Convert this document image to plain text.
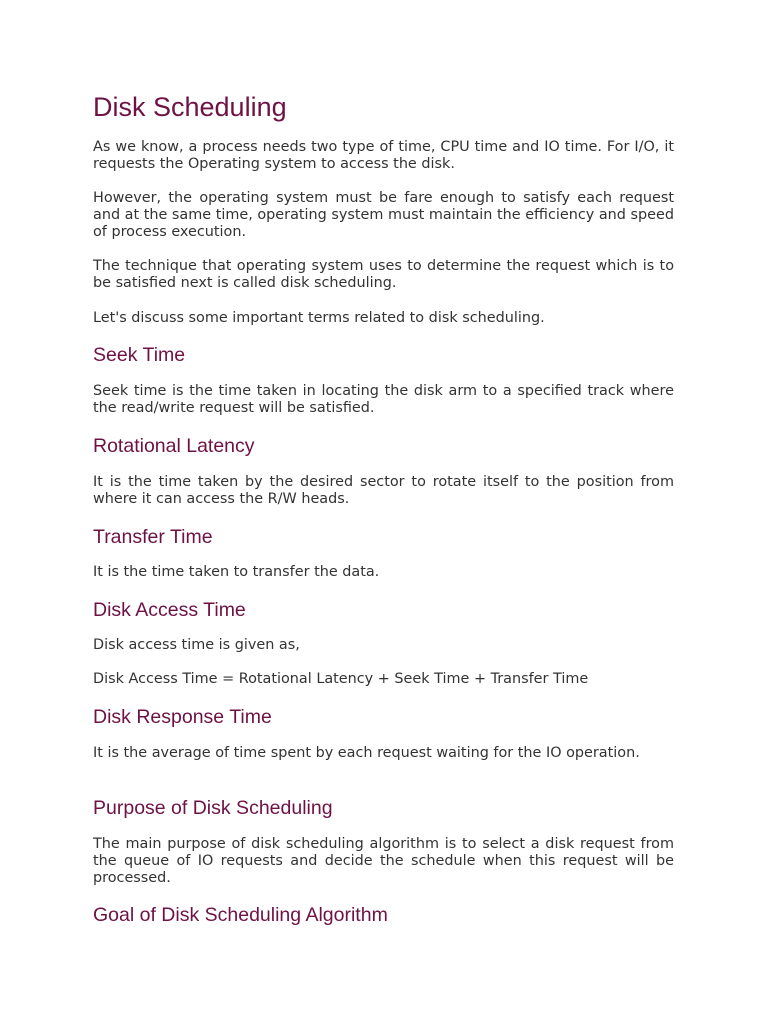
Disk Scheduling

As we know, a process needs two type of time, CPU time and IO time. For I/O, it requests the Operating system to access the disk.

However, the operating system must be fare enough to satisfy each request and at the same time, operating system must maintain the efficiency and speed of process execution.

The technique that operating system uses to determine the request which is to be satisfied next is called disk scheduling.

Let's discuss some important terms related to disk scheduling.

Seek Time

Seek time is the time taken in locating the disk arm to a specified track where the read/write request will be satisfied.

Rotational Latency

It is the time taken by the desired sector to rotate itself to the position from where it can access the R/W heads.

Transfer Time

It is the time taken to transfer the data.

Disk Access Time

Disk access time is given as,

Disk Access Time = Rotational Latency + Seek Time + Transfer Time

Disk Response Time

It is the average of time spent by each request waiting for the IO operation.

Purpose of Disk Scheduling

The main purpose of disk scheduling algorithm is to select a disk request from the queue of IO requests and decide the schedule when this request will be processed.

Goal of Disk Scheduling Algorithm
